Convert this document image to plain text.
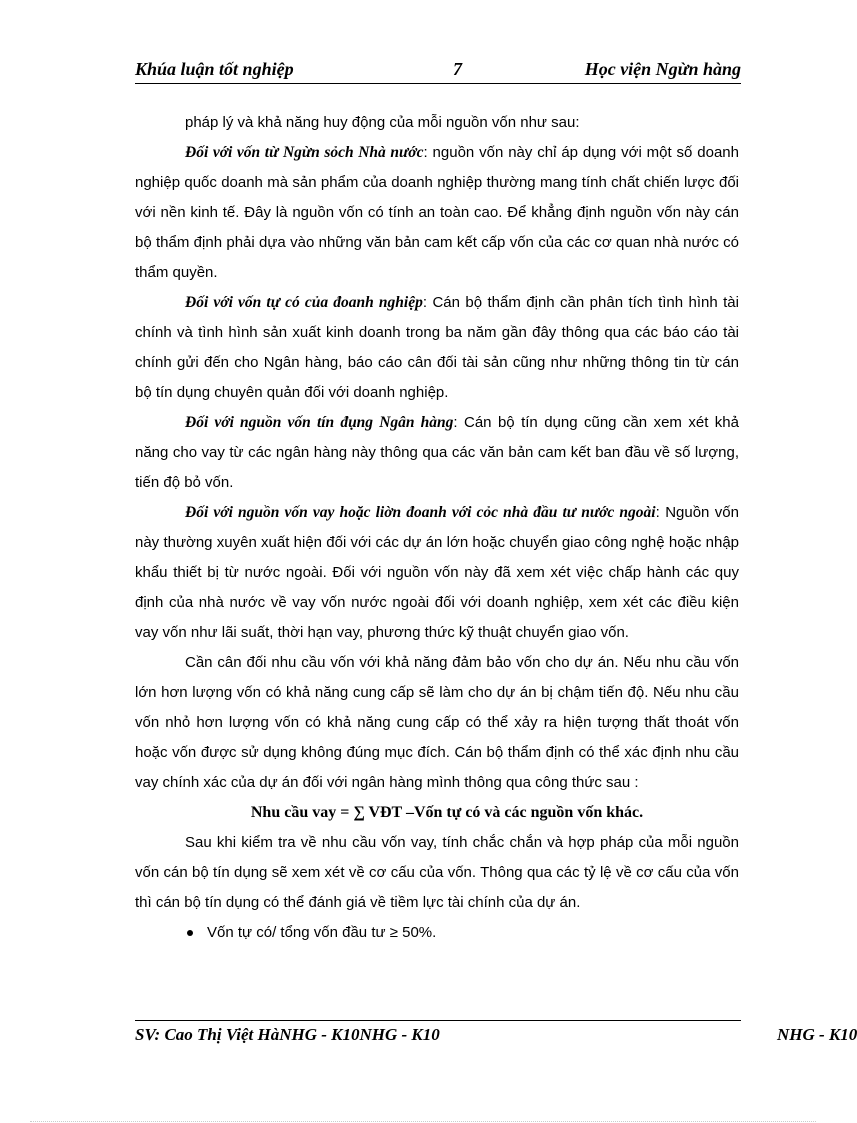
Khúa luận tốt nghiệp	7	Học viện Ngừn hàng

pháp lý và khả năng huy động của mỗi nguồn vốn như sau:

Đối với vốn từ Ngừn sỏch Nhà nước: nguồn vốn này chỉ áp dụng với một số doanh nghiệp quốc doanh mà sản phẩm của doanh nghiệp thường mang tính chất chiến lược đối với nền kinh tế. Đây là nguồn vốn có tính an toàn cao. Để khẳng định nguồn vốn này cán bộ thẩm định phải dựa vào những văn bản cam kết cấp vốn của các cơ quan nhà nước có thẩm quyền.

Đối với vốn tự có của đoanh nghiệp: Cán bộ thẩm định cần phân tích tình hình tài chính và tình hình sản xuất kinh doanh trong ba năm gần đây thông qua các báo cáo tài chính gửi đến cho Ngân hàng, báo cáo cân đối tài sản cũng như những thông tin từ cán bộ tín dụng chuyên quản đối với doanh nghiệp.

Đối với nguồn vốn tín đụng Ngân hàng: Cán bộ tín dụng cũng cần xem xét khả năng cho vay từ các ngân hàng này thông qua các văn bản cam kết ban đầu về số lượng, tiến độ bỏ vốn.

Đối với nguồn vốn vay hoặc liờn đoanh với cỏc nhà đầu tư nước ngoài: Nguồn vốn này thường xuyên xuất hiện đối với các dự án lớn hoặc chuyển giao công nghệ hoặc nhập khẩu thiết bị từ nước ngoài. Đối với nguồn vốn này đã xem xét việc chấp hành các quy định của nhà nước về vay vốn nước ngoài đối với doanh nghiệp, xem xét các điều kiện vay vốn như lãi suất, thời hạn vay, phương thức kỹ thuật chuyển giao vốn.

Cần cân đối nhu cầu vốn với khả năng đảm bảo vốn cho dự án. Nếu nhu cầu vốn lớn hơn lượng vốn có khả năng cung cấp sẽ làm cho dự án bị chậm tiến độ. Nếu nhu cầu vốn nhỏ hơn lượng vốn có khả năng cung cấp có thể xảy ra hiện tượng thất thoát vốn hoặc vốn được sử dụng không đúng mục đích. Cán bộ thẩm định có thể xác định nhu cầu vay chính xác của dự án đối với ngân hàng mình thông qua công thức sau :

Nhu cầu vay = ∑ VĐT –Vốn tự có và các nguồn vốn khác.

Sau khi kiểm tra về nhu cầu vốn vay, tính chắc chắn và hợp pháp của mỗi nguồn vốn cán bộ tín dụng sẽ xem xét về cơ cấu của vốn. Thông qua các tỷ lệ về cơ cấu của vốn thì cán bộ tín dụng có thể đánh giá về tiềm lực tài chính của dự án.

Vốn tự có/ tổng vốn đầu tư ≥ 50%.

SV: Cao Thị Việt HàNHG - K10NHG - K10	NHG - K10
